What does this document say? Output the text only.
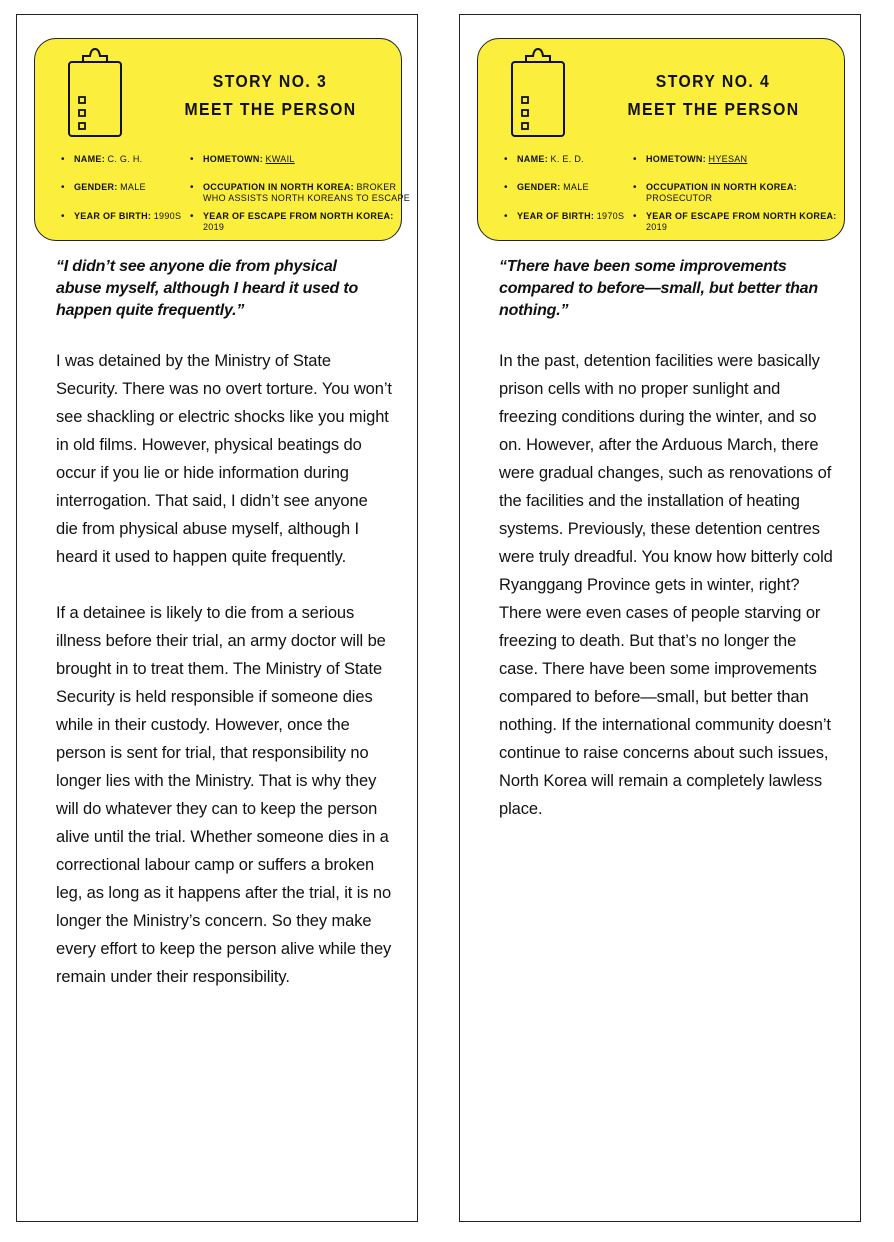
STORY NO. 3
MEET THE PERSON
• NAME: C. G. H.
• GENDER: MALE
• YEAR OF BIRTH: 1990S
• HOMETOWN: KWAIL
• OCCUPATION IN NORTH KOREA: BROKER
WHO ASSISTS NORTH KOREANS TO ESCAPE
• YEAR OF ESCAPE FROM NORTH KOREA:
2019
“I didn’t see anyone die from physical abuse myself, although I heard it used to happen quite frequently.”

I was detained by the Ministry of State Security. There was no overt torture. You won’t see shackling or electric shocks like you might in old films. However, physical beatings do occur if you lie or hide information during interrogation. That said, I didn’t see anyone die from physical abuse myself, although I heard it used to happen quite frequently.

If a detainee is likely to die from a serious illness before their trial, an army doctor will be brought in to treat them. The Ministry of State Security is held responsible if someone dies while in their custody. However, once the person is sent for trial, that responsibility no longer lies with the Ministry. That is why they will do whatever they can to keep the person alive until the trial. Whether someone dies in a correctional labour camp or suffers a broken leg, as long as it happens after the trial, it is no longer the Ministry’s concern. So they make every effort to keep the person alive while they remain under their responsibility.

STORY NO. 4
MEET THE PERSON
• NAME: K. E. D.
• GENDER: MALE
• YEAR OF BIRTH: 1970S
• HOMETOWN: HYESAN
• OCCUPATION IN NORTH KOREA:
PROSECUTOR
• YEAR OF ESCAPE FROM NORTH KOREA:
2019
“There have been some improvements compared to before—small, but better than nothing.”

In the past, detention facilities were basically prison cells with no proper sunlight and freezing conditions during the winter, and so on. However, after the Arduous March, there were gradual changes, such as renovations of the facilities and the installation of heating systems. Previously, these detention centres were truly dreadful. You know how bitterly cold Ryanggang Province gets in winter, right? There were even cases of people starving or freezing to death. But that’s no longer the case. There have been some improvements compared to before—small, but better than nothing. If the international community doesn’t continue to raise concerns about such issues, North Korea will remain a completely lawless place.
